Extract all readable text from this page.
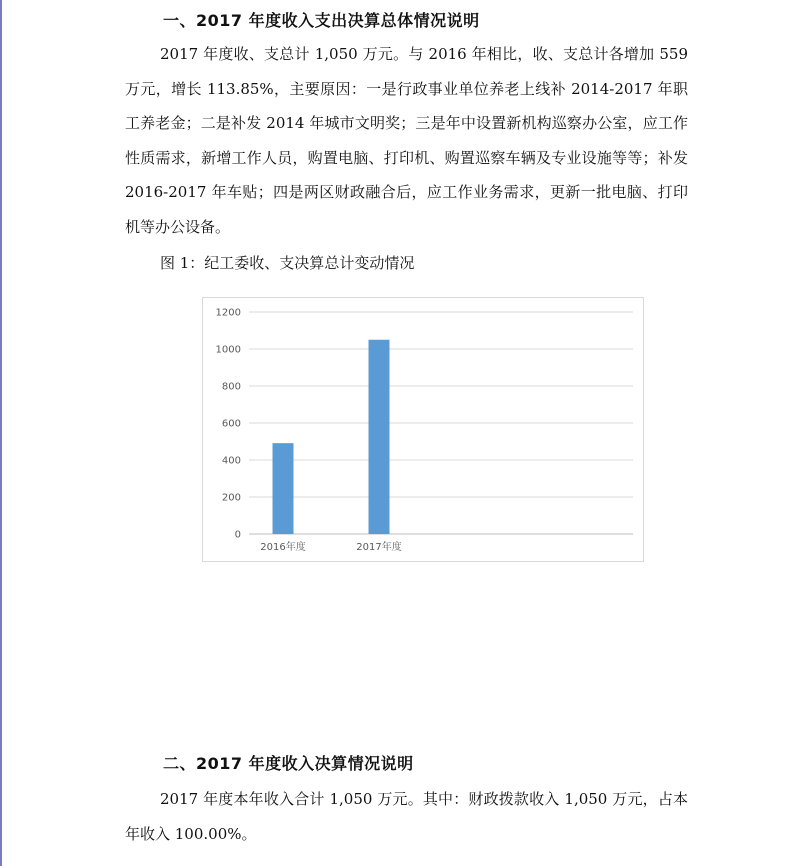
一、2017 年度收入支出决算总体情况说明

2017 年度收、支总计 1,050 万元。与 2016 年相比，收、支总计各增加 559 万元，增长 113.85%，主要原因：一是行政事业单位养老上线补 2014-2017 年职工养老金；二是补发 2014 年城市文明奖；三是年中设置新机构巡察办公室，应工作性质需求，新增工作人员，购置电脑、打印机、购置巡察车辆及专业设施等等；补发 2016-2017 年车贴；四是两区财政融合后，应工作业务需求，更新一批电脑、打印机等办公设备。

图 1：纪工委收、支决算总计变动情况
0
200
400
600
800
1000
1200
2016年度	2017年度
二、2017 年度收入决算情况说明

2017 年度本年收入合计 1,050 万元。其中：财政拨款收入 1,050 万元，占本年收入 100.00%。
